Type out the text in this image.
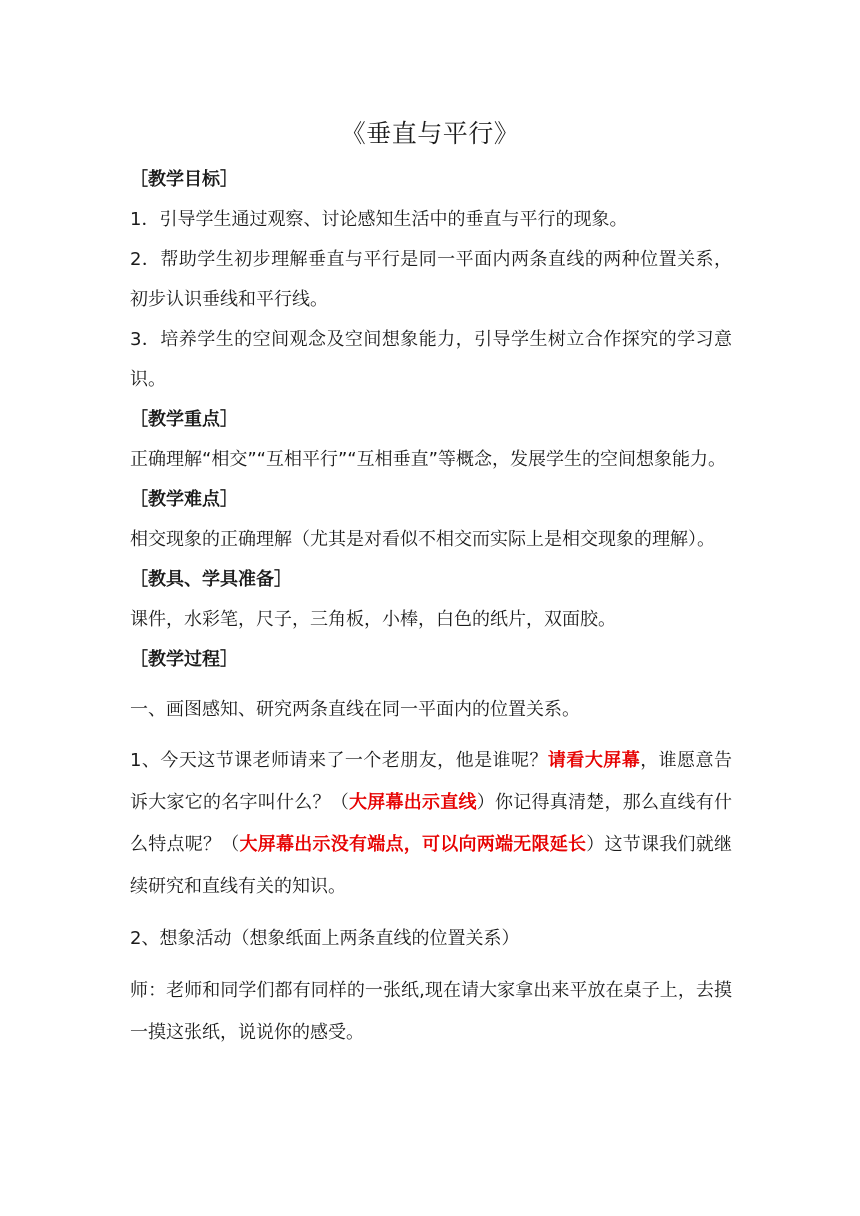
《垂直与平行》

［教学目标］

1．引导学生通过观察、讨论感知生活中的垂直与平行的现象。

2．帮助学生初步理解垂直与平行是同一平面内两条直线的两种位置关系，初步认识垂线和平行线。

3．培养学生的空间观念及空间想象能力，引导学生树立合作探究的学习意识。

［教学重点］

正确理解“相交”“互相平行”“互相垂直”等概念，发展学生的空间想象能力。

［教学难点］

相交现象的正确理解（尤其是对看似不相交而实际上是相交现象的理解）。

［教具、学具准备］

课件，水彩笔，尺子，三角板，小棒，白色的纸片，双面胶。

［教学过程］

一、画图感知、研究两条直线在同一平面内的位置关系。

1、今天这节课老师请来了一个老朋友，他是谁呢？请看大屏幕，谁愿意告诉大家它的名字叫什么？（大屏幕出示直线）你记得真清楚，那么直线有什么特点呢？（大屏幕出示没有端点，可以向两端无限延长）这节课我们就继续研究和直线有关的知识。

2、想象活动（想象纸面上两条直线的位置关系）

师：老师和同学们都有同样的一张纸,现在请大家拿出来平放在桌子上，去摸一摸这张纸，说说你的感受。
